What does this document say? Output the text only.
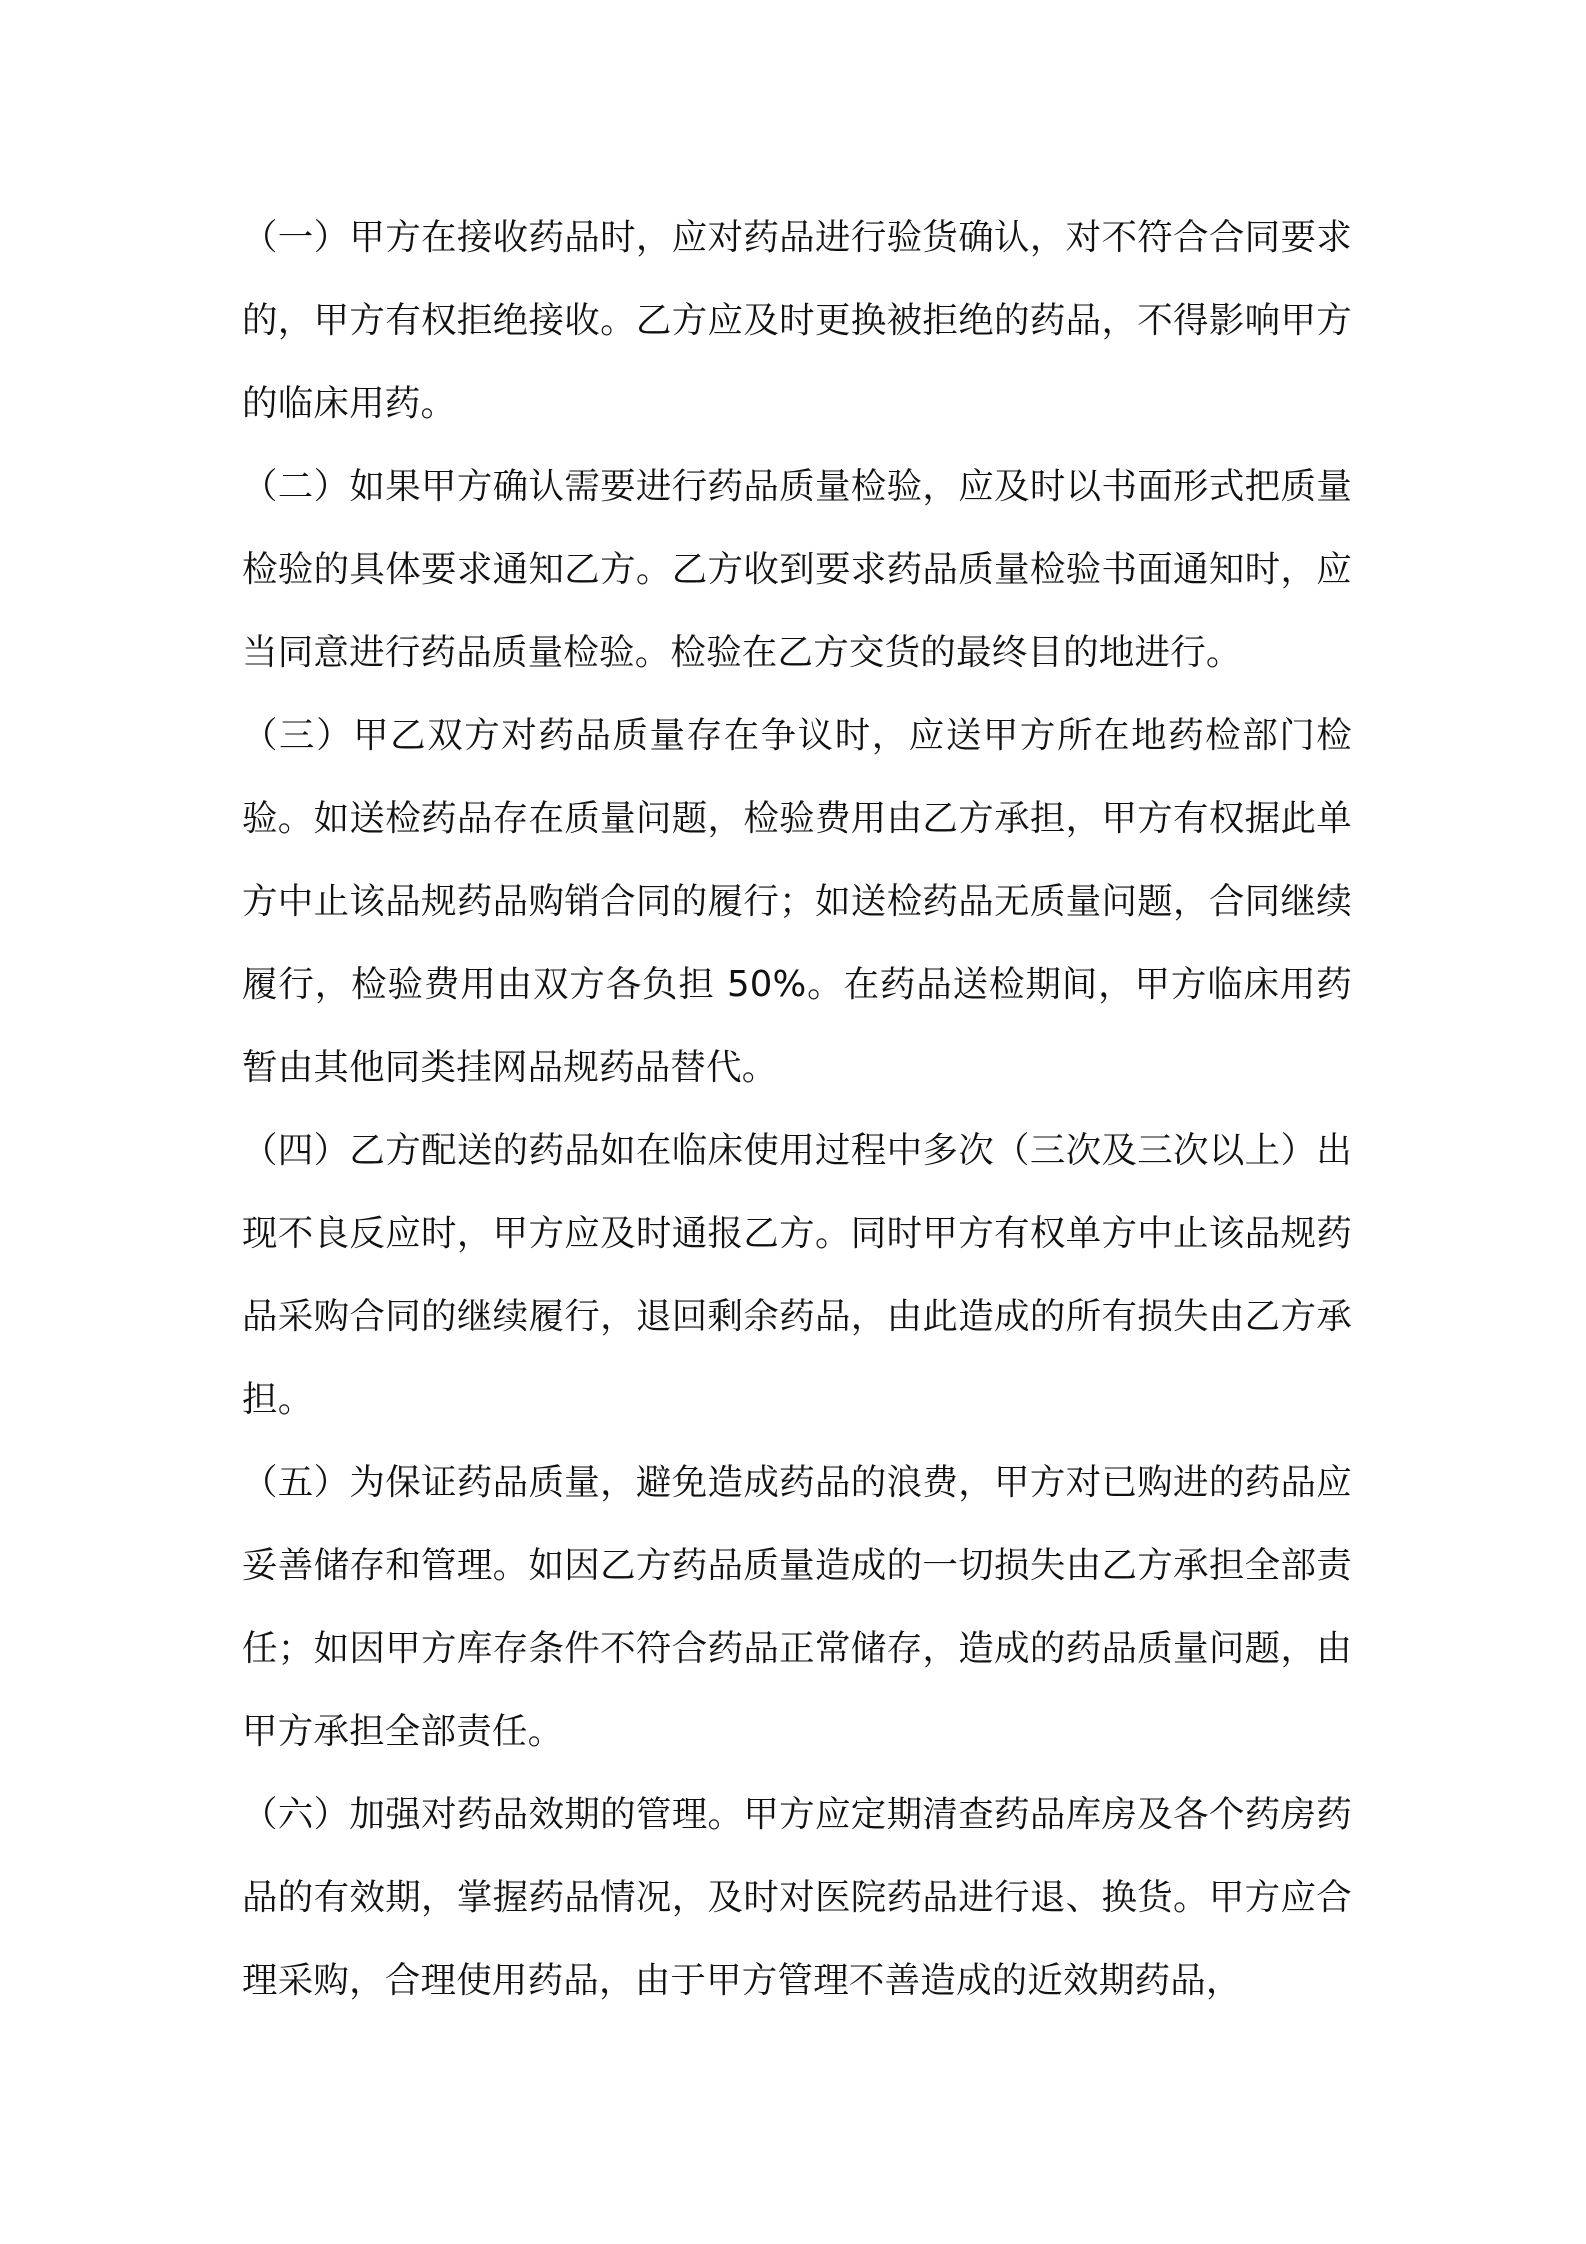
（一）甲方在接收药品时，应对药品进行验货确认，对不符合合同要求的，甲方有权拒绝接收。乙方应及时更换被拒绝的药品，不得影响甲方的临床用药。

（二）如果甲方确认需要进行药品质量检验，应及时以书面形式把质量检验的具体要求通知乙方。乙方收到要求药品质量检验书面通知时，应当同意进行药品质量检验。检验在乙方交货的最终目的地进行。

（三）甲乙双方对药品质量存在争议时，应送甲方所在地药检部门检验。如送检药品存在质量问题，检验费用由乙方承担，甲方有权据此单方中止该品规药品购销合同的履行；如送检药品无质量问题，合同继续履行，检验费用由双方各负担 50%。在药品送检期间，甲方临床用药暂由其他同类挂网品规药品替代。

（四）乙方配送的药品如在临床使用过程中多次（三次及三次以上）出现不良反应时，甲方应及时通报乙方。同时甲方有权单方中止该品规药品采购合同的继续履行，退回剩余药品，由此造成的所有损失由乙方承担。

（五）为保证药品质量，避免造成药品的浪费，甲方对已购进的药品应妥善储存和管理。如因乙方药品质量造成的一切损失由乙方承担全部责任；如因甲方库存条件不符合药品正常储存，造成的药品质量问题，由甲方承担全部责任。

（六）加强对药品效期的管理。甲方应定期清查药品库房及各个药房药品的有效期，掌握药品情况，及时对医院药品进行退、换货。甲方应合理采购，合理使用药品，由于甲方管理不善造成的近效期药品，
